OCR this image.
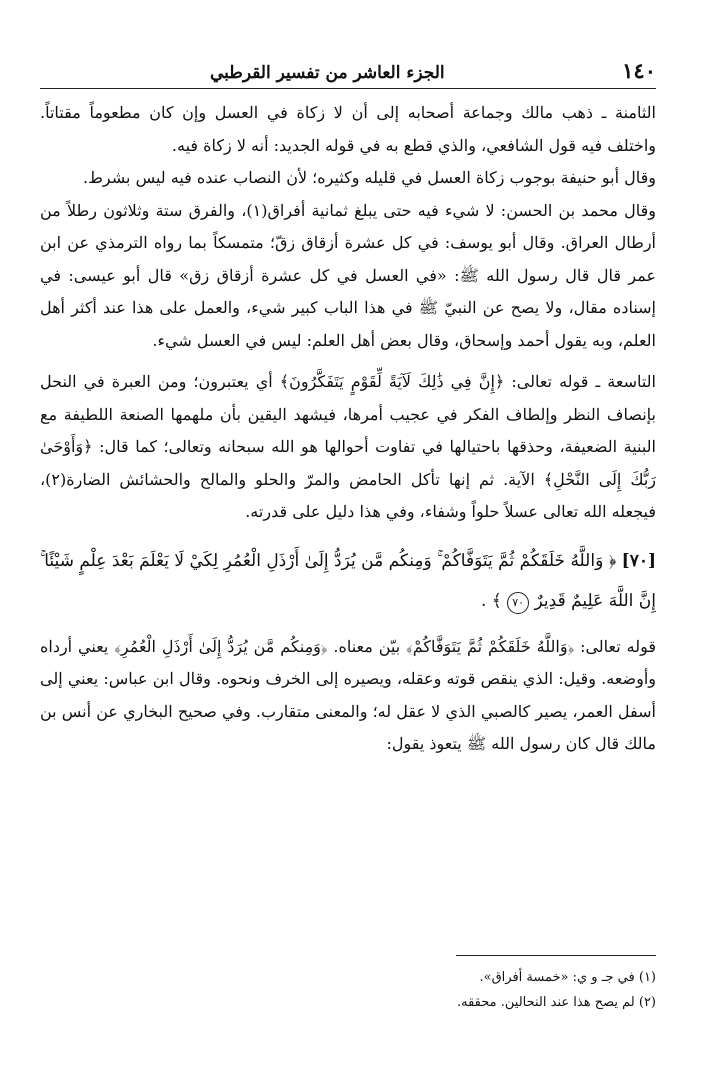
١٤٠
الجزء العاشر من تفسير القرطبي

الثامنة ـ ذهب مالك وجماعة أصحابه إلى أن لا زكاة في العسل وإن كان مطعوماً مقتاتاً. واختلف فيه قول الشافعي، والذي قطع به في قوله الجديد: أنه لا زكاة فيه.

وقال أبو حنيفة بوجوب زكاة العسل في قليله وكثيره؛ لأن النصاب عنده فيه ليس بشرط.

وقال محمد بن الحسن: لا شيء فيه حتى يبلغ ثمانية أفراق(١)، والفرق ستة وثلاثون رطلاً من أرطال العراق. وقال أبو يوسف: في كل عشرة أزقاق زقّ؛ متمسكاً بما رواه الترمذي عن ابن عمر قال قال رسول الله ﷺ: «في العسل في كل عشرة أزقاق زق» قال أبو عيسى: في إسناده مقال، ولا يصح عن النبيّ ﷺ في هذا الباب كبير شيء، والعمل على هذا عند أكثر أهل العلم، وبه يقول أحمد وإسحاق، وقال بعض أهل العلم: ليس في العسل شيء.

التاسعة ـ قوله تعالى: ﴿إِنَّ فِي ذَٰلِكَ لَآيَةً لِّقَوْمٍ يَتَفَكَّرُونَ﴾ أي يعتبرون؛ ومن العبرة في النحل بإنصاف النظر وإلطاف الفكر في عجيب أمرها، فيشهد اليقين بأن ملهمها الصنعة اللطيفة مع البنية الضعيفة، وحذقها باحتيالها في تفاوت أحوالها هو الله سبحانه وتعالى؛ كما قال: ﴿وَأَوْحَىٰ رَبُّكَ إِلَى النَّحْلِ﴾ الآية. ثم إنها تأكل الحامض والمرّ والحلو والمالح والحشائش الضارة(٢)، فيجعله الله تعالى عسلاً حلواً وشفاء، وفي هذا دليل على قدرته.

[٧٠] ﴿ وَاللَّهُ خَلَقَكُمْ ثُمَّ يَتَوَفَّاكُمْ ۚ وَمِنكُم مَّن يُرَدُّ إِلَىٰ أَرْذَلِ الْعُمُرِ لِكَيْ لَا يَعْلَمَ بَعْدَ عِلْمٍ شَيْئًا ۚ إِنَّ اللَّهَ عَلِيمٌ قَدِيرٌ ٧٠ ﴾ .

قوله تعالى: ﴿وَاللَّهُ خَلَقَكُمْ ثُمَّ يَتَوَفَّاكُمْ﴾ بيّن معناه. ﴿وَمِنكُم مَّن يُرَدُّ إِلَىٰ أَرْذَلِ الْعُمُرِ﴾ يعني أرداه وأوضعه. وقيل: الذي ينقص قوته وعقله، ويصيره إلى الخرف ونحوه. وقال ابن عباس: يعني إلى أسفل العمر، يصير كالصبي الذي لا عقل له؛ والمعنى متقارب. وفي صحيح البخاري عن أنس بن مالك قال كان رسول الله ﷺ يتعوذ يقول:

(١) في جـ و ي: «خمسة أفراق».

(٢) لم يصح هذا عند النحالين. محققه.
